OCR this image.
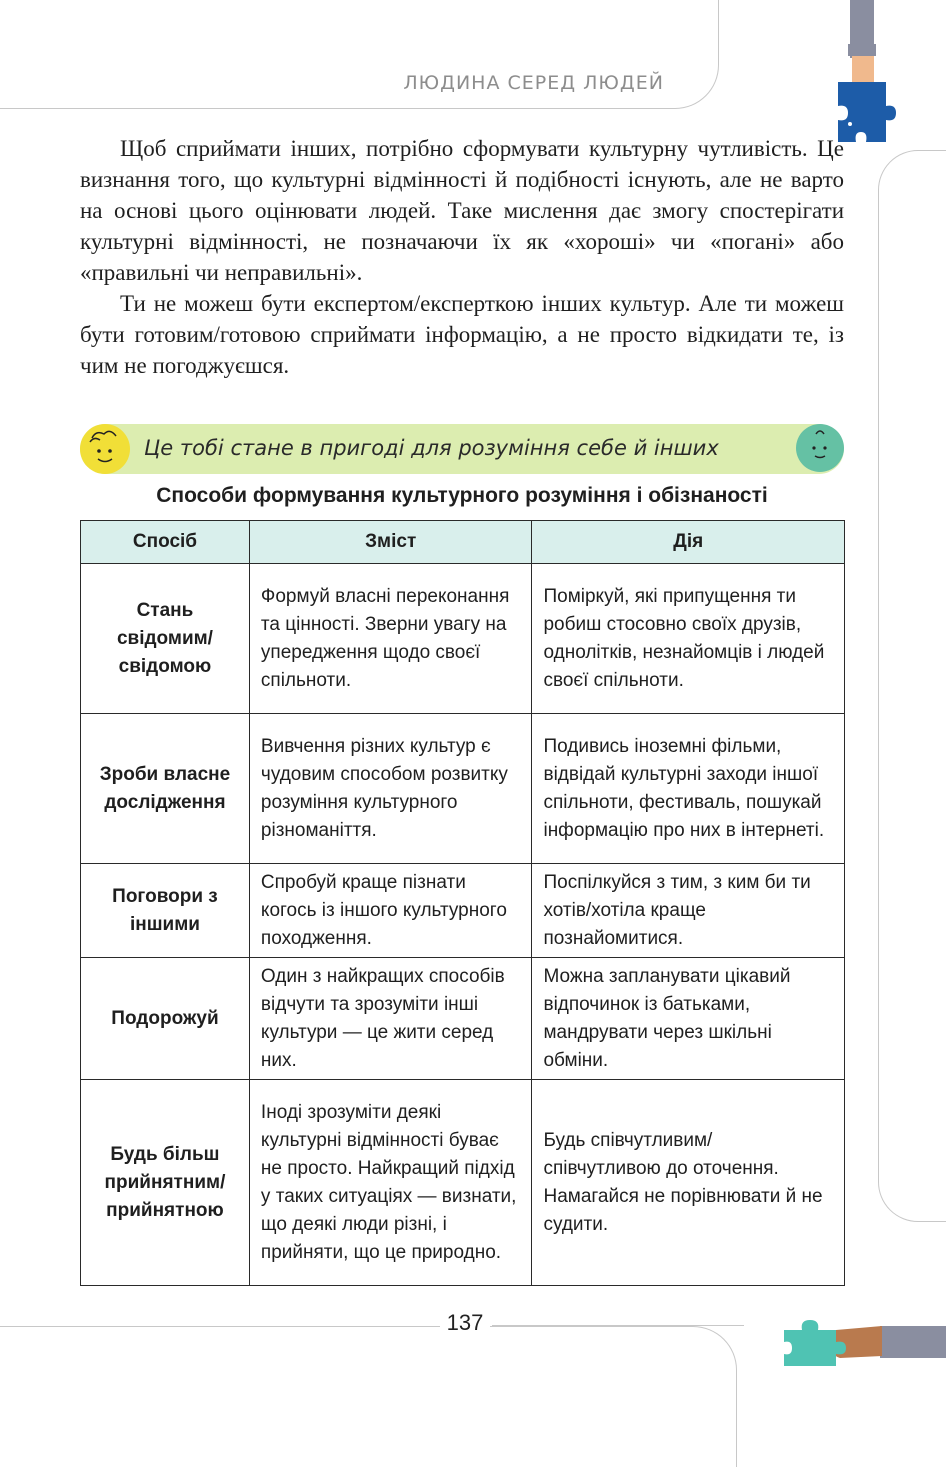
ЛЮДИНА СЕРЕД ЛЮДЕЙ

Щоб сприймати інших, потрібно сформувати культурну чутливість. Це визнання того, що культурні відмінності й подібності існують, але не варто на основі цього оцінювати людей. Таке мислення дає змогу спостерігати культурні відмінності, не позначаючи їх як «хороші» чи «погані» або «правильні чи неправильні».

Ти не можеш бути експертом/експерткою інших культур. Але ти можеш бути готовим/готовою сприймати інформацію, а не просто відкидати те, із чим не погоджуєшся.

Це тобі стане в пригоді для розуміння себе й інших
Способи формування культурного розуміння і обізнаності
Спосіб	Зміст	Дія
Стань свідомим/ свідомою	Формуй власні переконання та цінності. Зверни увагу на упередження щодо своєї спільноти.	Поміркуй, які припущення ти робиш стосовно своїх друзів, однолітків, незнайомців і людей своєї спільноти.
Зроби власне дослідження	Вивчення різних культур є чудовим способом розвитку розуміння культурного різноманіття.	Подивись іноземні фільми, відвідай культурні заходи іншої спільноти, фестиваль, пошукай інформацію про них в інтернеті.
Поговори з іншими	Спробуй краще пізнати когось із іншого культурного походження.	Поспілкуйся з тим, з ким би ти хотів/хотіла краще познайомитися.
Подорожуй	Один з найкращих способів відчути та зрозуміти інші культури — це жити серед них.	Можна запланувати цікавий відпочинок із батьками, мандрувати через шкільні обміни.
Будь більш прийнятним/ прийнятною	Іноді зрозуміти деякі культурні відмінності буває не просто. Найкращий підхід у таких ситуаціях — визнати, що деякі люди різні, і прийняти, що це природно.	Будь співчутливим/ співчутливою до оточення. Намагайся не порівнювати й не судити.
137
